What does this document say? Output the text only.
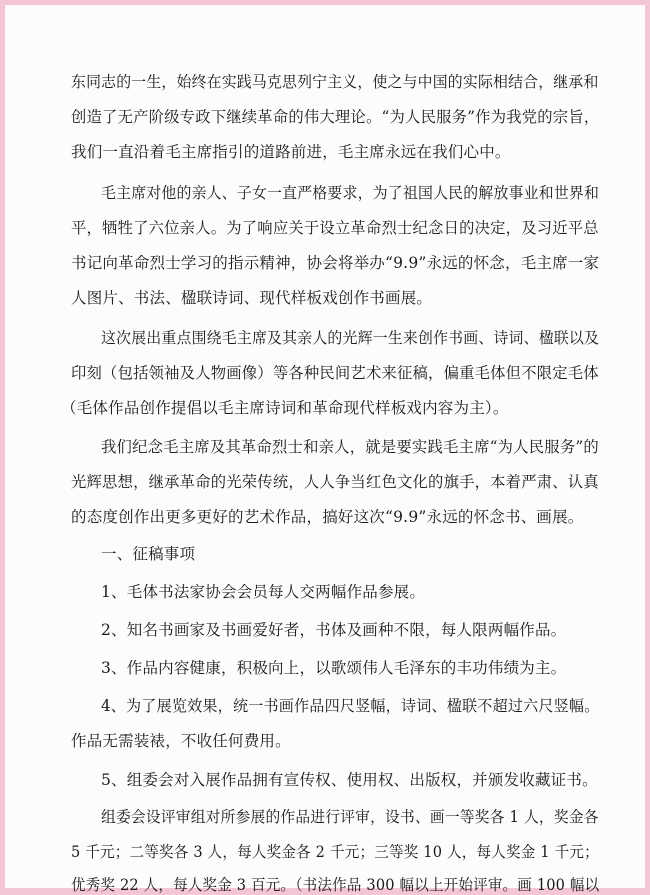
东同志的一生，始终在实践马克思列宁主义，使之与中国的实际相结合，继承和
创造了无产阶级专政下继续革命的伟大理论。“为人民服务”作为我党的宗旨，
我们一直沿着毛主席指引的道路前进，毛主席永远在我们心中。
毛主席对他的亲人、子女一直严格要求，为了祖国人民的解放事业和世界和
平，牺牲了六位亲人。为了响应关于设立革命烈士纪念日的决定，及习近平总
书记向革命烈士学习的指示精神，协会将举办“9.9”永远的怀念，毛主席一家
人图片、书法、楹联诗词、现代样板戏创作书画展。
这次展出重点围绕毛主席及其亲人的光辉一生来创作书画、诗词、楹联以及
印刻（包括领袖及人物画像）等各种民间艺术来征稿，偏重毛体但不限定毛体
（毛体作品创作提倡以毛主席诗词和革命现代样板戏内容为主）。
我们纪念毛主席及其革命烈士和亲人，就是要实践毛主席“为人民服务”的
光辉思想，继承革命的光荣传统，人人争当红色文化的旗手，本着严肃、认真
的态度创作出更多更好的艺术作品，搞好这次“9.9”永远的怀念书、画展。
一、征稿事项
1、毛体书法家协会会员每人交两幅作品参展。
2、知名书画家及书画爱好者，书体及画种不限，每人限两幅作品。
3、作品内容健康，积极向上，以歌颂伟人毛泽东的丰功伟绩为主。
4、为了展览效果，统一书画作品四尺竖幅，诗词、楹联不超过六尺竖幅。
作品无需装裱，不收任何费用。
5、组委会对入展作品拥有宣传权、使用权、出版权，并颁发收藏证书。
组委会设评审组对所参展的作品进行评审，设书、画一等奖各 1 人，奖金各
5 千元；二等奖各 3 人，每人奖金各 2 千元；三等奖 10 人，每人奖金 1 千元；
优秀奖 22 人，每人奖金 3 百元。（书法作品 300 幅以上开始评审。画 100 幅以
